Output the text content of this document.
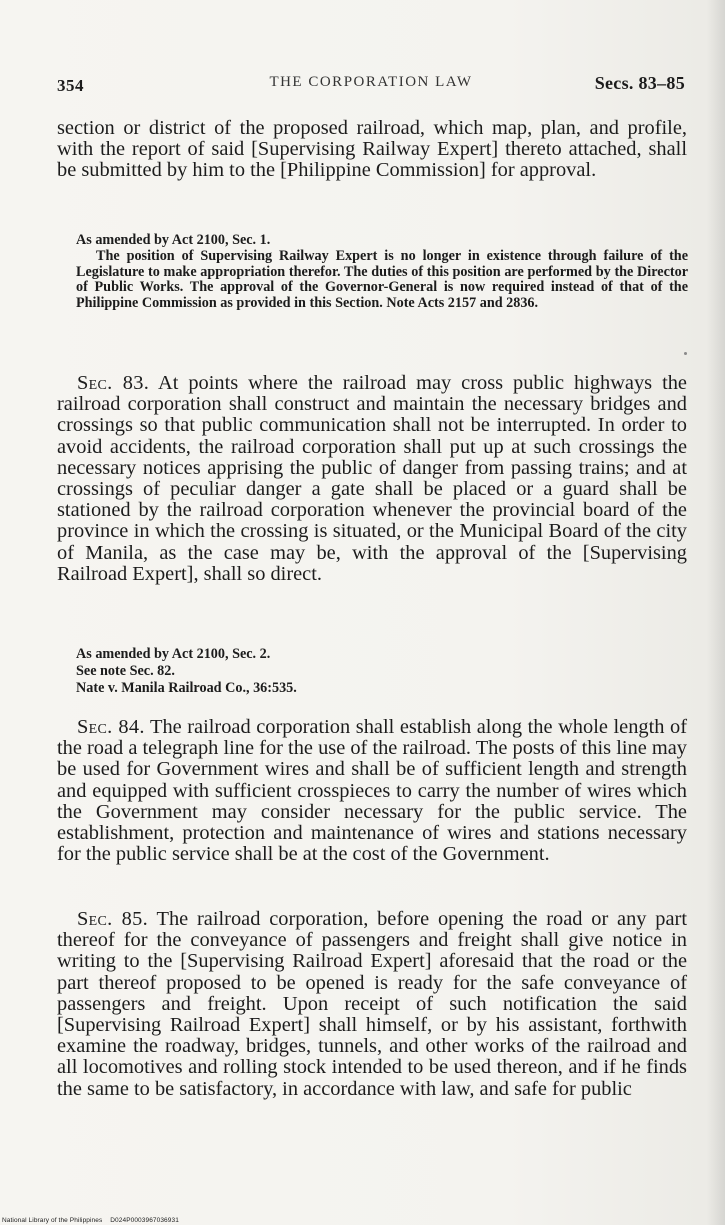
354	THE CORPORATION LAW	Secs. 83–85

section or district of the proposed railroad, which map, plan, and profile, with the report of said [Supervising Railway Expert] thereto attached, shall be submitted by him to the [Philippine Commission] for approval.

As amended by Act 2100, Sec. 1.

The position of Supervising Railway Expert is no longer in existence through failure of the Legislature to make appropriation therefor. The duties of this position are performed by the Director of Public Works. The approval of the Governor-General is now required instead of that of the Philippine Commission as provided in this Section. Note Acts 2157 and 2836.

Sec. 83. At points where the railroad may cross public highways the railroad corporation shall construct and maintain the necessary bridges and crossings so that public communication shall not be interrupted. In order to avoid accidents, the railroad corporation shall put up at such crossings the necessary notices apprising the public of danger from passing trains; and at crossings of peculiar danger a gate shall be placed or a guard shall be stationed by the railroad corporation whenever the provincial board of the province in which the crossing is situated, or the Municipal Board of the city of Manila, as the case may be, with the approval of the [Supervising Railroad Expert], shall so direct.

As amended by Act 2100, Sec. 2.
See note Sec. 82.
Nate v. Manila Railroad Co., 36:535.

Sec. 84. The railroad corporation shall establish along the whole length of the road a telegraph line for the use of the railroad. The posts of this line may be used for Government wires and shall be of sufficient length and strength and equipped with sufficient crosspieces to carry the number of wires which the Government may consider necessary for the public service. The establishment, protection and maintenance of wires and stations necessary for the public service shall be at the cost of the Government.

Sec. 85. The railroad corporation, before opening the road or any part thereof for the conveyance of passengers and freight shall give notice in writing to the [Supervising Railroad Expert] aforesaid that the road or the part thereof proposed to be opened is ready for the safe conveyance of passengers and freight. Upon receipt of such notification the said [Supervising Railroad Expert] shall himself, or by his assistant, forthwith examine the roadway, bridges, tunnels, and other works of the railroad and all locomotives and rolling stock intended to be used thereon, and if he finds the same to be satisfactory, in accordance with law, and safe for public

National Library of the Philippines D024P0003967036931
